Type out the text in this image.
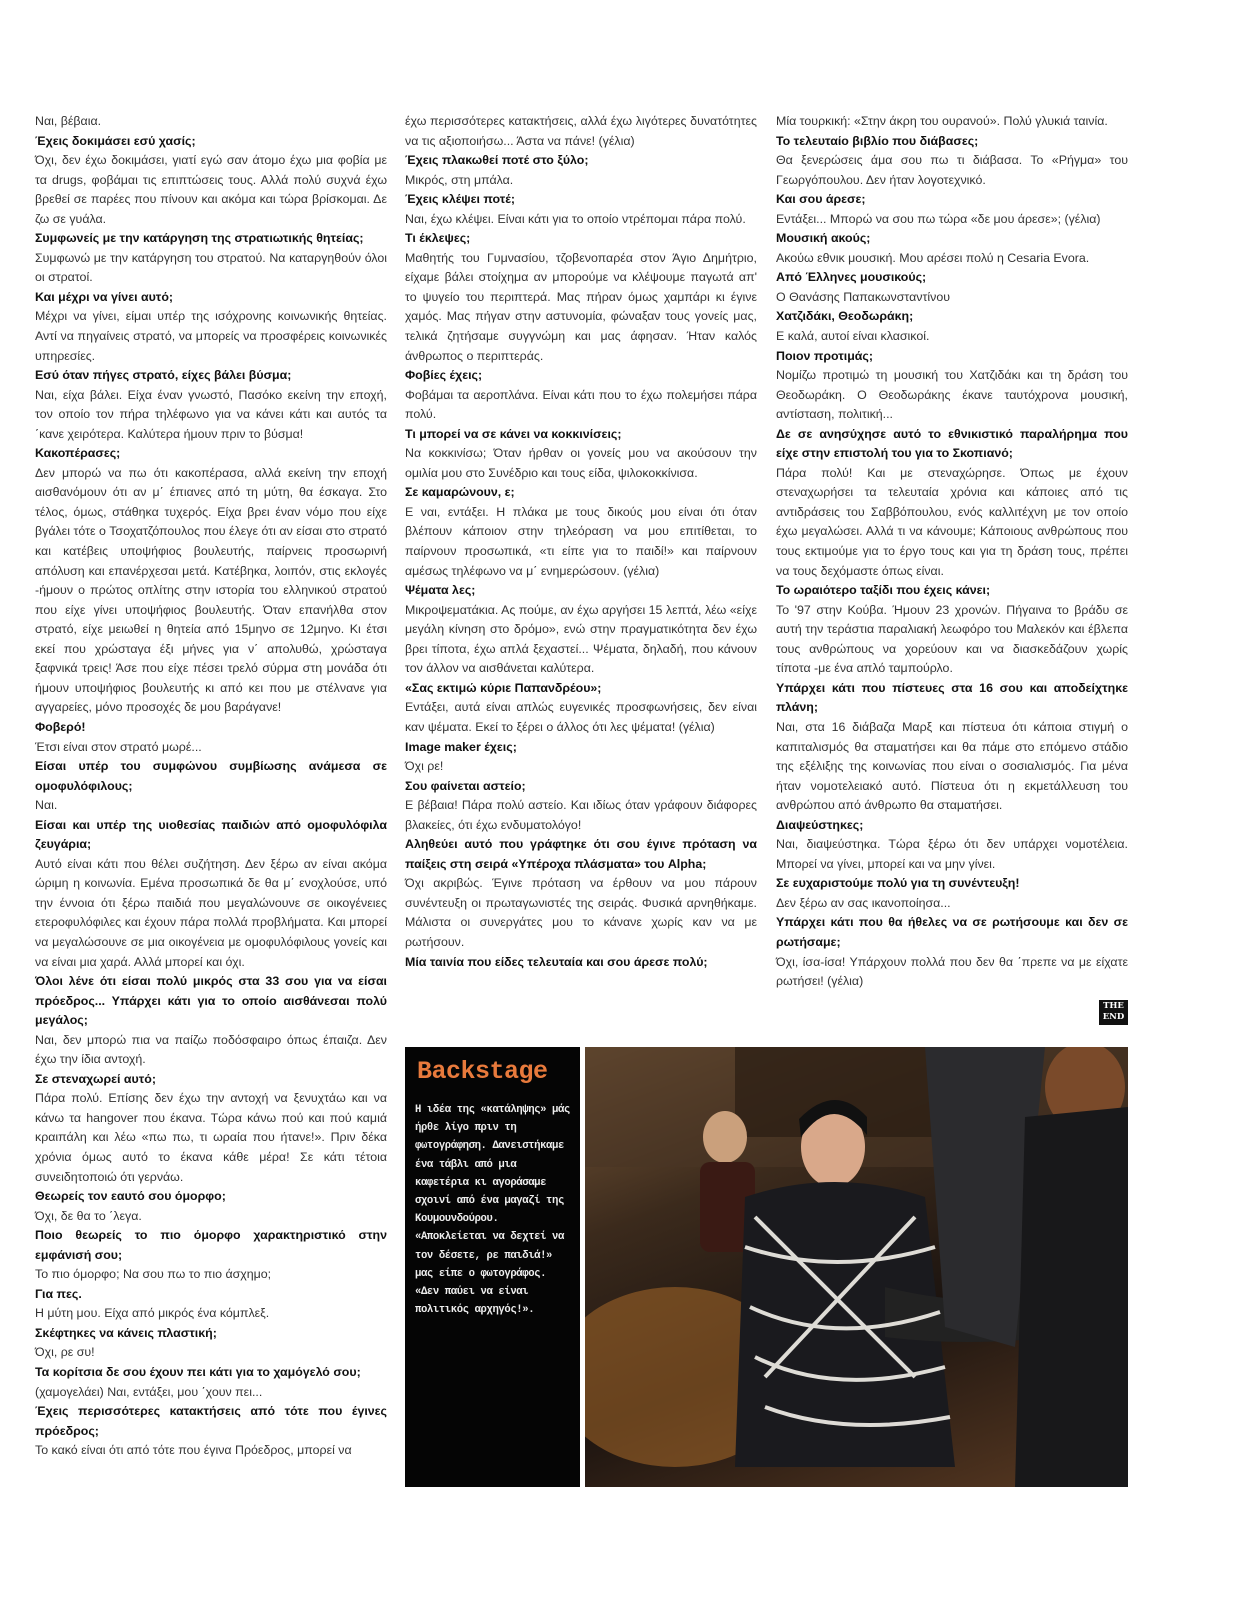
Ναι, βέβαια.

Έχεις δοκιμάσει εσύ χασίς;

Όχι, δεν έχω δοκιμάσει, γιατί εγώ σαν άτομο έχω μια φοβία με τα drugs, φοβάμαι τις επιπτώσεις τους. Αλλά πολύ συχνά έχω βρεθεί σε παρέες που πίνουν και ακόμα και τώρα βρίσκομαι. Δε ζω σε γυάλα.

Συμφωνείς με την κατάργηση της στρατιωτικής θητείας;

Συμφωνώ με την κατάργηση του στρατού. Να καταργηθούν όλοι οι στρατοί.

Και μέχρι να γίνει αυτό;

Μέχρι να γίνει, είμαι υπέρ της ισόχρονης κοινωνικής θητείας. Αντί να πηγαίνεις στρατό, να μπορείς να προσφέρεις κοινωνικές υπηρεσίες.

Εσύ όταν πήγες στρατό, είχες βάλει βύσμα;

Ναι, είχα βάλει. Είχα έναν γνωστό, Πασόκο εκείνη την εποχή, τον οποίο τον πήρα τηλέφωνο για να κάνει κάτι και αυτός τα ΄κανε χειρότερα. Καλύτερα ήμουν πριν το βύσμα!

Κακοπέρασες;

Δεν μπορώ να πω ότι κακοπέρασα, αλλά εκείνη την εποχή αισθανόμουν ότι αν μ΄ έπιανες από τη μύτη, θα έσκαγα. Στο τέλος, όμως, στάθηκα τυχερός. Είχα βρει έναν νόμο που είχε βγάλει τότε ο Τσοχατζόπουλος που έλεγε ότι αν είσαι στο στρατό και κατέβεις υποψήφιος βουλευτής, παίρνεις προσωρινή απόλυση και επανέρχεσαι μετά. Κατέβηκα, λοιπόν, στις εκλογές -ήμουν ο πρώτος οπλίτης στην ιστορία του ελληνικού στρατού που είχε γίνει υποψήφιος βουλευτής. Όταν επανήλθα στον στρατό, είχε μειωθεί η θητεία από 15μηνο σε 12μηνο. Κι έτσι εκεί που χρώσταγα έξι μήνες για ν΄ απολυθώ, χρώσταγα ξαφνικά τρεις! Άσε που είχε πέσει τρελό σύρμα στη μονάδα ότι ήμουν υποψήφιος βουλευτής κι από κει που με στέλνανε για αγγαρείες, μόνο προσοχές δε μου βαράγανε!

Φοβερό!

Έτσι είναι στον στρατό μωρέ...

Είσαι υπέρ του συμφώνου συμβίωσης ανάμεσα σε ομοφυλόφιλους;

Ναι.

Είσαι και υπέρ της υιοθεσίας παιδιών από ομοφυλόφιλα ζευγάρια;

Αυτό είναι κάτι που θέλει συζήτηση. Δεν ξέρω αν είναι ακόμα ώριμη η κοινωνία. Εμένα προσωπικά δε θα μ΄ ενοχλούσε, υπό την έννοια ότι ξέρω παιδιά που μεγαλώνουνε σε οικογένειες ετεροφυλόφιλες και έχουν πάρα πολλά προβλήματα. Και μπορεί να μεγαλώσουνε σε μια οικογένεια με ομοφυλόφιλους γονείς και να είναι μια χαρά. Αλλά μπορεί και όχι.

Όλοι λένε ότι είσαι πολύ μικρός στα 33 σου για να είσαι πρόεδρος... Υπάρχει κάτι για το οποίο αισθάνεσαι πολύ μεγάλος;

Ναι, δεν μπορώ πια να παίζω ποδόσφαιρο όπως έπαιζα. Δεν έχω την ίδια αντοχή.

Σε στεναχωρεί αυτό;

Πάρα πολύ. Επίσης δεν έχω την αντοχή να ξενυχτάω και να κάνω τα hangover που έκανα. Τώρα κάνω πού και πού καμιά κραιπάλη και λέω «πω πω, τι ωραία που ήτανε!». Πριν δέκα χρόνια όμως αυτό το έκανα κάθε μέρα! Σε κάτι τέτοια συνειδητοποιώ ότι γερνάω.

Θεωρείς τον εαυτό σου όμορφο;

Όχι, δε θα το ΄λεγα.

Ποιο θεωρείς το πιο όμορφο χαρακτηριστικό στην εμφάνισή σου;

Το πιο όμορφο; Να σου πω το πιο άσχημο;

Για πες.

Η μύτη μου. Είχα από μικρός ένα κόμπλεξ.

Σκέφτηκες να κάνεις πλαστική;

Όχι, ρε συ!

Τα κορίτσια δε σου έχουν πει κάτι για το χαμόγελό σου;

(χαμογελάει) Ναι, εντάξει, μου ΄χουν πει...

Έχεις περισσότερες κατακτήσεις από τότε που έγινες πρόεδρος;

Το κακό είναι ότι από τότε που έγινα Πρόεδρος, μπορεί να

έχω περισσότερες κατακτήσεις, αλλά έχω λιγότερες δυνατότητες να τις αξιοποιήσω... Άστα να πάνε! (γέλια)

Έχεις πλακωθεί ποτέ στο ξύλο;

Μικρός, στη μπάλα.

Έχεις κλέψει ποτέ;

Ναι, έχω κλέψει. Είναι κάτι για το οποίο ντρέπομαι πάρα πολύ.

Τι έκλεψες;

Μαθητής του Γυμνασίου, τζοβενοπαρέα στον Άγιο Δημήτριο, είχαμε βάλει στοίχημα αν μπορούμε να κλέψουμε παγωτά απ' το ψυγείο του περιπτερά. Μας πήραν όμως χαμπάρι κι έγινε χαμός. Μας πήγαν στην αστυνομία, φώναξαν τους γονείς μας, τελικά ζητήσαμε συγγνώμη και μας άφησαν. Ήταν καλός άνθρωπος ο περιπτεράς.

Φοβίες έχεις;

Φοβάμαι τα αεροπλάνα. Είναι κάτι που το έχω πολεμήσει πάρα πολύ.

Τι μπορεί να σε κάνει να κοκκινίσεις;

Να κοκκινίσω; Όταν ήρθαν οι γονείς μου να ακούσουν την ομιλία μου στο Συνέδριο και τους είδα, ψιλοκοκκίνισα.

Σε καμαρώνουν, ε;

Ε ναι, εντάξει. Η πλάκα με τους δικούς μου είναι ότι όταν βλέπουν κάποιον στην τηλεόραση να μου επιτίθεται, το παίρνουν προσωπικά, «τι είπε για το παιδί!» και παίρνουν αμέσως τηλέφωνο να μ΄ ενημερώσουν. (γέλια)

Ψέματα λες;

Μικροψεματάκια. Ας πούμε, αν έχω αργήσει 15 λεπτά, λέω «είχε μεγάλη κίνηση στο δρόμο», ενώ στην πραγματικότητα δεν έχω βρει τίποτα, έχω απλά ξεχαστεί... Ψέματα, δηλαδή, που κάνουν τον άλλον να αισθάνεται καλύτερα.

«Σας εκτιμώ κύριε Παπανδρέου»;

Εντάξει, αυτά είναι απλώς ευγενικές προσφωνήσεις, δεν είναι καν ψέματα. Εκεί το ξέρει ο άλλος ότι λες ψέματα! (γέλια)

Image maker έχεις;

Όχι ρε!

Σου φαίνεται αστείο;

Ε βέβαια! Πάρα πολύ αστείο. Και ιδίως όταν γράφουν διάφορες βλακείες, ότι έχω ενδυματολόγο!

Αληθεύει αυτό που γράφτηκε ότι σου έγινε πρόταση να παίξεις στη σειρά «Υπέροχα πλάσματα» του Alpha;

Όχι ακριβώς. Έγινε πρόταση να έρθουν να μου πάρουν συνέντευξη οι πρωταγωνιστές της σειράς. Φυσικά αρνηθήκαμε. Μάλιστα οι συνεργάτες μου το κάνανε χωρίς καν να με ρωτήσουν.

Μία ταινία που είδες τελευταία και σου άρεσε πολύ;

Μία τουρκική: «Στην άκρη του ουρανού». Πολύ γλυκιά ταινία.

Το τελευταίο βιβλίο που διάβασες;

Θα ξενερώσεις άμα σου πω τι διάβασα. Το «Ρήγμα» του Γεωργόπουλου. Δεν ήταν λογοτεχνικό.

Και σου άρεσε;

Εντάξει... Μπορώ να σου πω τώρα «δε μου άρεσε»; (γέλια)

Μουσική ακούς;

Ακούω εθνικ μουσική. Μου αρέσει πολύ η Cesaria Evora.

Από Έλληνες μουσικούς;

Ο Θανάσης Παπακωνσταντίνου

Χατζιδάκι, Θεοδωράκη;

Ε καλά, αυτοί είναι κλασικοί.

Ποιον προτιμάς;

Νομίζω προτιμώ τη μουσική του Χατζιδάκι και τη δράση του Θεοδωράκη. Ο Θεοδωράκης έκανε ταυτόχρονα μουσική, αντίσταση, πολιτική...

Δε σε ανησύχησε αυτό το εθνικιστικό παραλήρημα που είχε στην επιστολή του για το Σκοπιανό;

Πάρα πολύ! Και με στεναχώρησε. Όπως με έχουν στεναχωρήσει τα τελευταία χρόνια και κάποιες από τις αντιδράσεις του Σαββόπουλου, ενός καλλιτέχνη με τον οποίο έχω μεγαλώσει. Αλλά τι να κάνουμε; Κάποιους ανθρώπους που τους εκτιμούμε για το έργο τους και για τη δράση τους, πρέπει να τους δεχόμαστε όπως είναι.

Το ωραιότερο ταξίδι που έχεις κάνει;

Το '97 στην Κούβα. Ήμουν 23 χρονών. Πήγαινα το βράδυ σε αυτή την τεράστια παραλιακή λεωφόρο του Μαλεκόν και έβλεπα τους ανθρώπους να χορεύουν και να διασκεδάζουν χωρίς τίποτα -με ένα απλό ταμπούρλο.

Υπάρχει κάτι που πίστευες στα 16 σου και αποδείχτηκε πλάνη;

Ναι, στα 16 διάβαζα Μαρξ και πίστευα ότι κάποια στιγμή ο καπιταλισμός θα σταματήσει και θα πάμε στο επόμενο στάδιο της εξέλιξης της κοινωνίας που είναι ο σοσιαλισμός. Για μένα ήταν νομοτελειακό αυτό. Πίστευα ότι η εκμετάλλευση του ανθρώπου από άνθρωπο θα σταματήσει.

Διαψεύστηκες;

Ναι, διαψεύστηκα. Τώρα ξέρω ότι δεν υπάρχει νομοτέλεια. Μπορεί να γίνει, μπορεί και να μην γίνει.

Σε ευχαριστούμε πολύ για τη συνέντευξη!

Δεν ξέρω αν σας ικανοποίησα...

Υπάρχει κάτι που θα ήθελες να σε ρωτήσουμε και δεν σε ρωτήσαμε;

Όχι, ίσα-ίσα! Υπάρχουν πολλά που δεν θα ΄πρεπε να με είχατε ρωτήσει! (γέλια)

THE
END
Backstage

Η ιδέα της «κατάληψης» μάς ήρθε λίγο πριν τη φωτογράφηση. Δανειστήκαμε ένα τάβλι από μια καφετέρια κι αγοράσαμε σχοινί από ένα μαγαζί της Κουμουνδούρου. «Αποκλείεται να δεχτεί να τον δέσετε, ρε παιδιά!» μας είπε ο φωτογράφος. «Δεν παύει να είναι πολιτικός αρχηγός!».
